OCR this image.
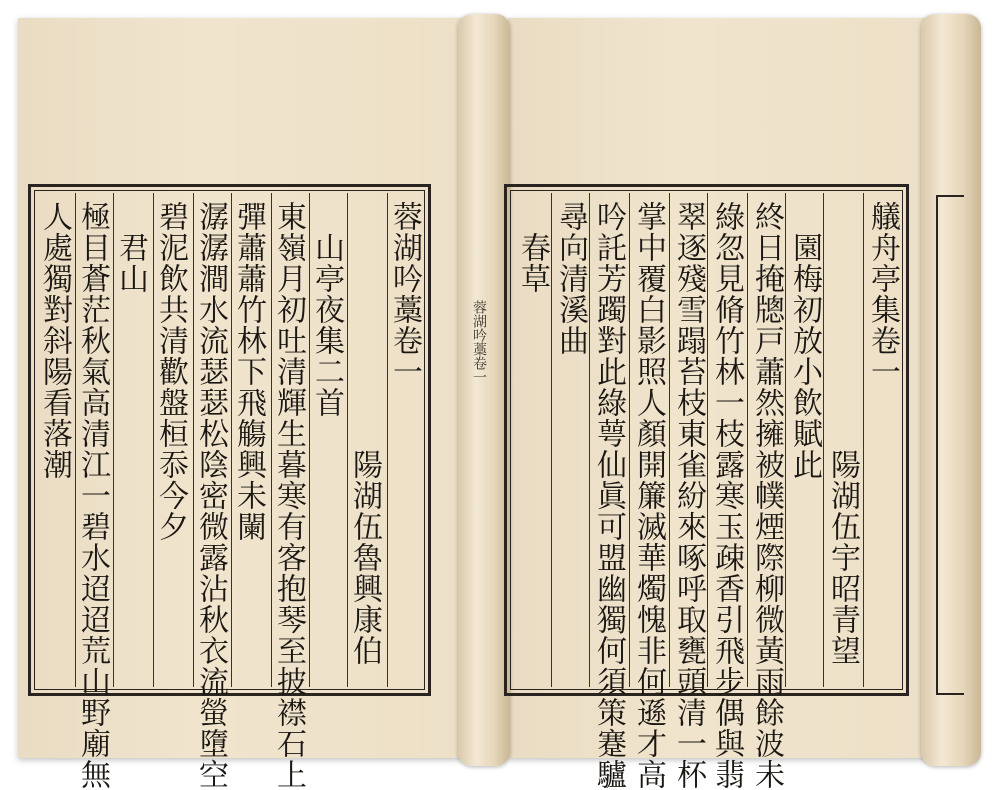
蓉湖吟藁卷一
蓉湖吟藁卷一
　　　　　　　　陽湖伍魯興康伯
　山亭夜集二首
東嶺月初吐清輝生暮寒有客抱琴至披襟石上
彈蕭蕭竹林下飛觴興未闌
潺潺澗水流瑟瑟松陰密微露沾秋衣流螢墮空
碧泥飲共清歡盤桓忝今夕
　君山
極目蒼茫秋氣高清江一碧水迢迢荒山野廟無
人處獨對斜陽看落潮	艤舟亭集卷一
　　　　　　　　陽湖伍宇昭青望
　園梅初放小飲賦此
終日掩牕戸蕭然擁被幞煙際柳微黃雨餘波未
綠忽見脩竹林一枝露寒玉疎香引飛步偶與翡
翠逐殘雪蹋苔枝東雀紛來啄呼取甕頭清一杯
掌中覆白影照人顏開簾滅華燭愧非何遜才高
吟託芳躅對此綠萼仙眞可盟幽獨何須策蹇驢
尋向清溪曲
　春草
